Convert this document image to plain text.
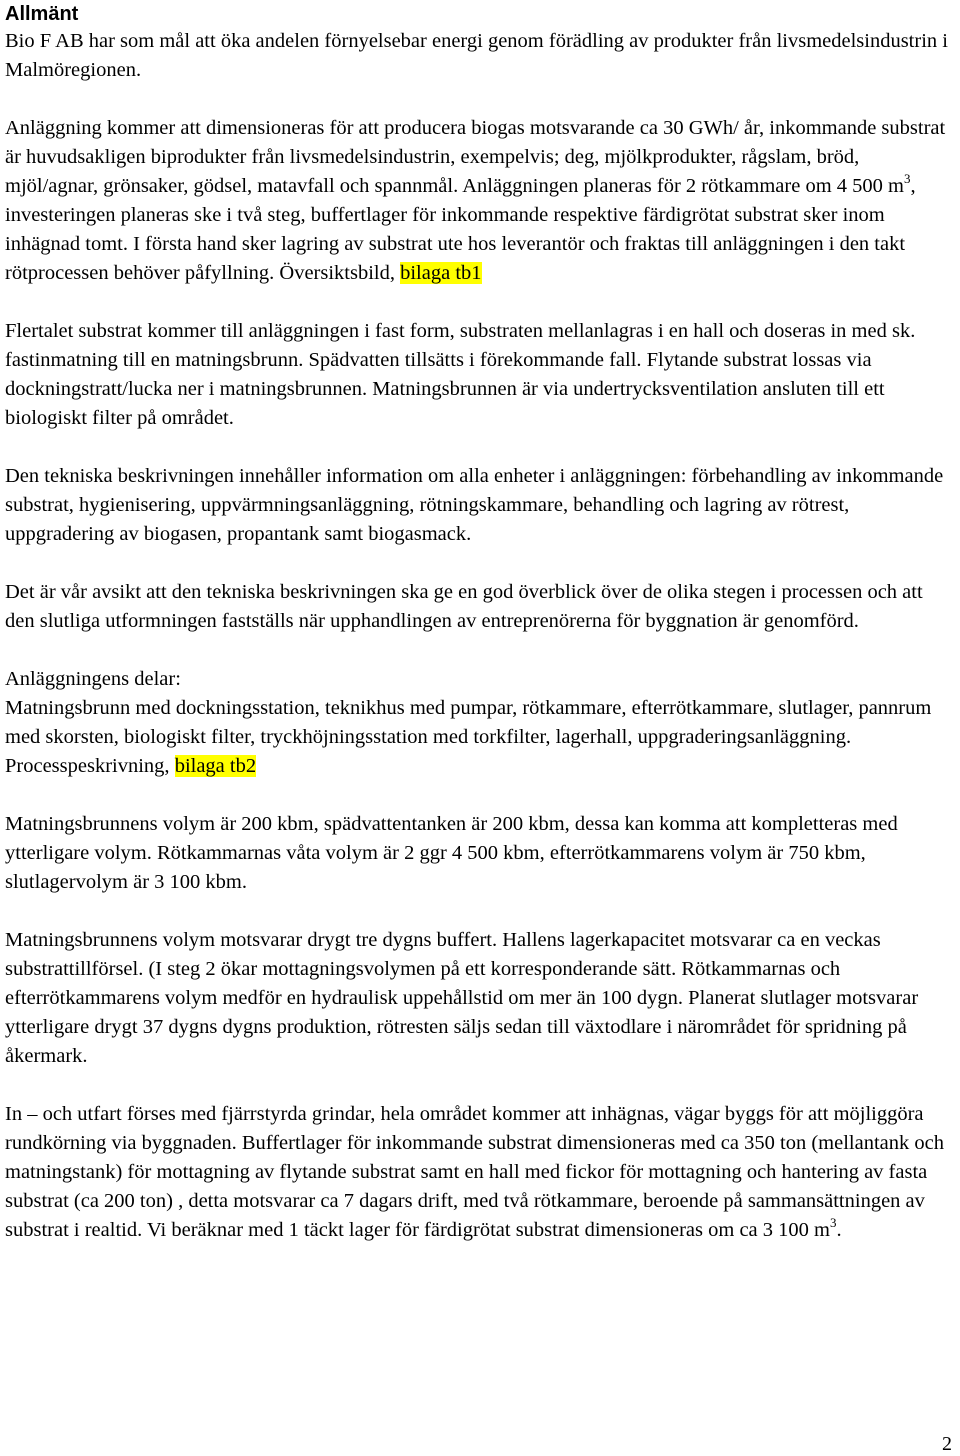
Allmänt

Bio F AB har som mål att öka andelen förnyelsebar energi genom förädling av produkter från livsmedelsindustrin i Malmöregionen.

Anläggning kommer att dimensioneras för att producera biogas motsvarande ca 30 GWh/ år, inkommande substrat är huvudsakligen biprodukter från livsmedelsindustrin, exempelvis; deg, mjölkprodukter, rågslam, bröd, mjöl/agnar, grönsaker, gödsel, matavfall och spannmål. Anläggningen planeras för 2 rötkammare om 4 500 $m^3$, investeringen planeras ske i två steg, buffertlager för inkommande respektive färdigrötat substrat sker inom inhägnad tomt. I första hand sker lagring av substrat ute hos leverantör och fraktas till anläggningen i den takt rötprocessen behöver påfyllning. Översiktsbild, bilaga tb1

Flertalet substrat kommer till anläggningen i fast form, substraten mellanlagras i en hall och doseras in med sk. fastinmatning till en matningsbrunn. Spädvatten tillsätts i förekommande fall. Flytande substrat lossas via dockningstratt/lucka ner i matningsbrunnen. Matningsbrunnen är via undertrycksventilation ansluten till ett biologiskt filter på området.

Den tekniska beskrivningen innehåller information om alla enheter i anläggningen: förbehandling av inkommande substrat, hygienisering, uppvärmningsanläggning, rötningskammare, behandling och lagring av rötrest, uppgradering av biogasen, propantank samt biogasmack.

Det är vår avsikt att den tekniska beskrivningen ska ge en god överblick över de olika stegen i processen och att den slutliga utformningen fastställs när upphandlingen av entreprenörerna för byggnation är genomförd.

Anläggningens delar:

Matningsbrunn med dockningsstation, teknikhus med pumpar, rötkammare, efterrötkammare, slutlager, pannrum med skorsten, biologiskt filter, tryckhöjningsstation med torkfilter, lagerhall, uppgraderingsanläggning. Processpeskrivning, bilaga tb2

Matningsbrunnens volym är 200 kbm, spädvattentanken är 200 kbm, dessa kan komma att kompletteras med ytterligare volym. Rötkammarnas våta volym är 2 ggr 4 500 kbm, efterrötkammarens volym är 750 kbm, slutlagervolym är 3 100 kbm.

Matningsbrunnens volym motsvarar drygt tre dygns buffert. Hallens lagerkapacitet motsvarar ca en veckas substrattillförsel. (I steg 2 ökar mottagningsvolymen på ett korresponderande sätt. Rötkammarnas och efterrötkammarens volym medför en hydraulisk uppehållstid om mer än 100 dygn. Planerat slutlager motsvarar ytterligare drygt 37 dygns dygns produktion, rötresten säljs sedan till växtodlare i närområdet för spridning på åkermark.

In – och utfart förses med fjärrstyrda grindar, hela området kommer att inhägnas, vägar byggs för att möjliggöra rundkörning via byggnaden. Buffertlager för inkommande substrat dimensioneras med ca 350 ton (mellantank och matningstank) för mottagning av flytande substrat samt en hall med fickor för mottagning och hantering av fasta substrat (ca 200 ton) , detta motsvarar ca 7 dagars drift, med två rötkammare, beroende på sammansättningen av substrat i realtid. Vi beräknar med 1 täckt lager för färdigrötat substrat dimensioneras om ca 3 100 $m^3$.

2
